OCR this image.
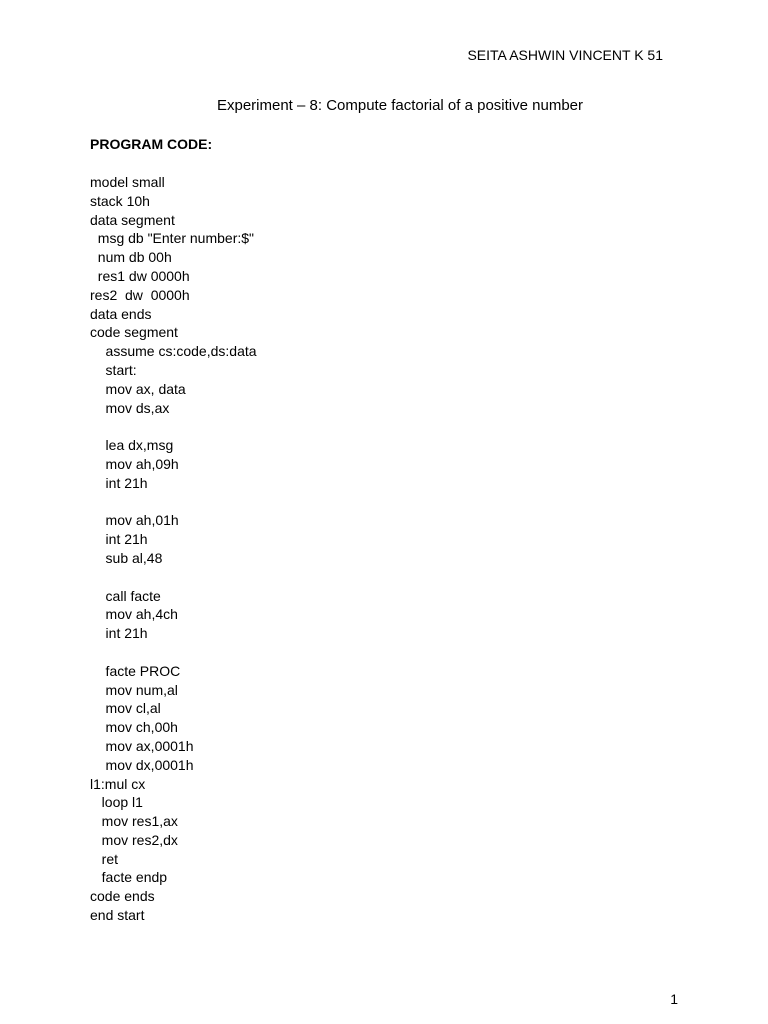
SEITA ASHWIN VINCENT K 51
Experiment – 8: Compute factorial of a positive number
PROGRAM CODE:
model small
stack 10h
data segment
msg db "Enter number:$"
num db 00h
res1 dw 0000h
res2  dw  0000h
data ends
code segment
assume cs:code,ds:data
start:
mov ax, data
mov ds,ax
lea dx,msg
mov ah,09h
int 21h
mov ah,01h
int 21h
sub al,48
call facte
mov ah,4ch
int 21h
facte PROC
mov num,al
mov cl,al
mov ch,00h
mov ax,0001h
mov dx,0001h
l1:mul cx
loop l1
mov res1,ax
mov res2,dx
ret
facte endp
code ends
end start
1
